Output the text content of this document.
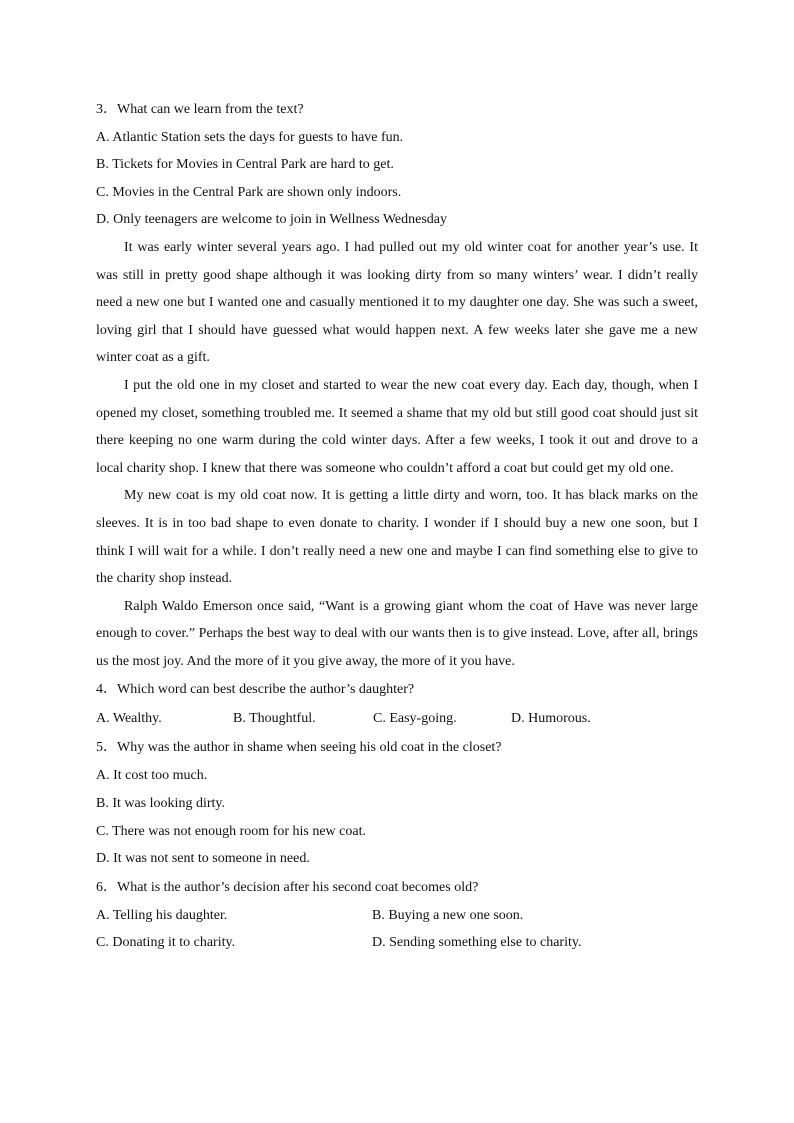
3．What can we learn from the text?
A. Atlantic Station sets the days for guests to have fun.
B. Tickets for Movies in Central Park are hard to get.
C. Movies in the Central Park are shown only indoors.
D. Only teenagers are welcome to join in Wellness Wednesday

It was early winter several years ago. I had pulled out my old winter coat for another year’s use. It was still in pretty good shape although it was looking dirty from so many winters’ wear. I didn’t really need a new one but I wanted one and casually mentioned it to my daughter one day. She was such a sweet, loving girl that I should have guessed what would happen next. A few weeks later she gave me a new winter coat as a gift.

I put the old one in my closet and started to wear the new coat every day. Each day, though, when I opened my closet, something troubled me. It seemed a shame that my old but still good coat should just sit there keeping no one warm during the cold winter days. After a few weeks, I took it out and drove to a local charity shop. I knew that there was someone who couldn’t afford a coat but could get my old one.

My new coat is my old coat now. It is getting a little dirty and worn, too. It has black marks on the sleeves. It is in too bad shape to even donate to charity. I wonder if I should buy a new one soon, but I think I will wait for a while. I don’t really need a new one and maybe I can find something else to give to the charity shop instead.

Ralph Waldo Emerson once said, “Want is a growing giant whom the coat of Have was never large enough to cover.” Perhaps the best way to deal with our wants then is to give instead. Love, after all, brings us the most joy. And the more of it you give away, the more of it you have.

4．Which word can best describe the author’s daughter?
A. Wealthy.	B. Thoughtful.	C. Easy-going.	D. Humorous.
5．Why was the author in shame when seeing his old coat in the closet?
A. It cost too much.
B. It was looking dirty.
C. There was not enough room for his new coat.
D. It was not sent to someone in need.
6．What is the author’s decision after his second coat becomes old?
A. Telling his daughter.	B. Buying a new one soon.
C. Donating it to charity.	D. Sending something else to charity.
